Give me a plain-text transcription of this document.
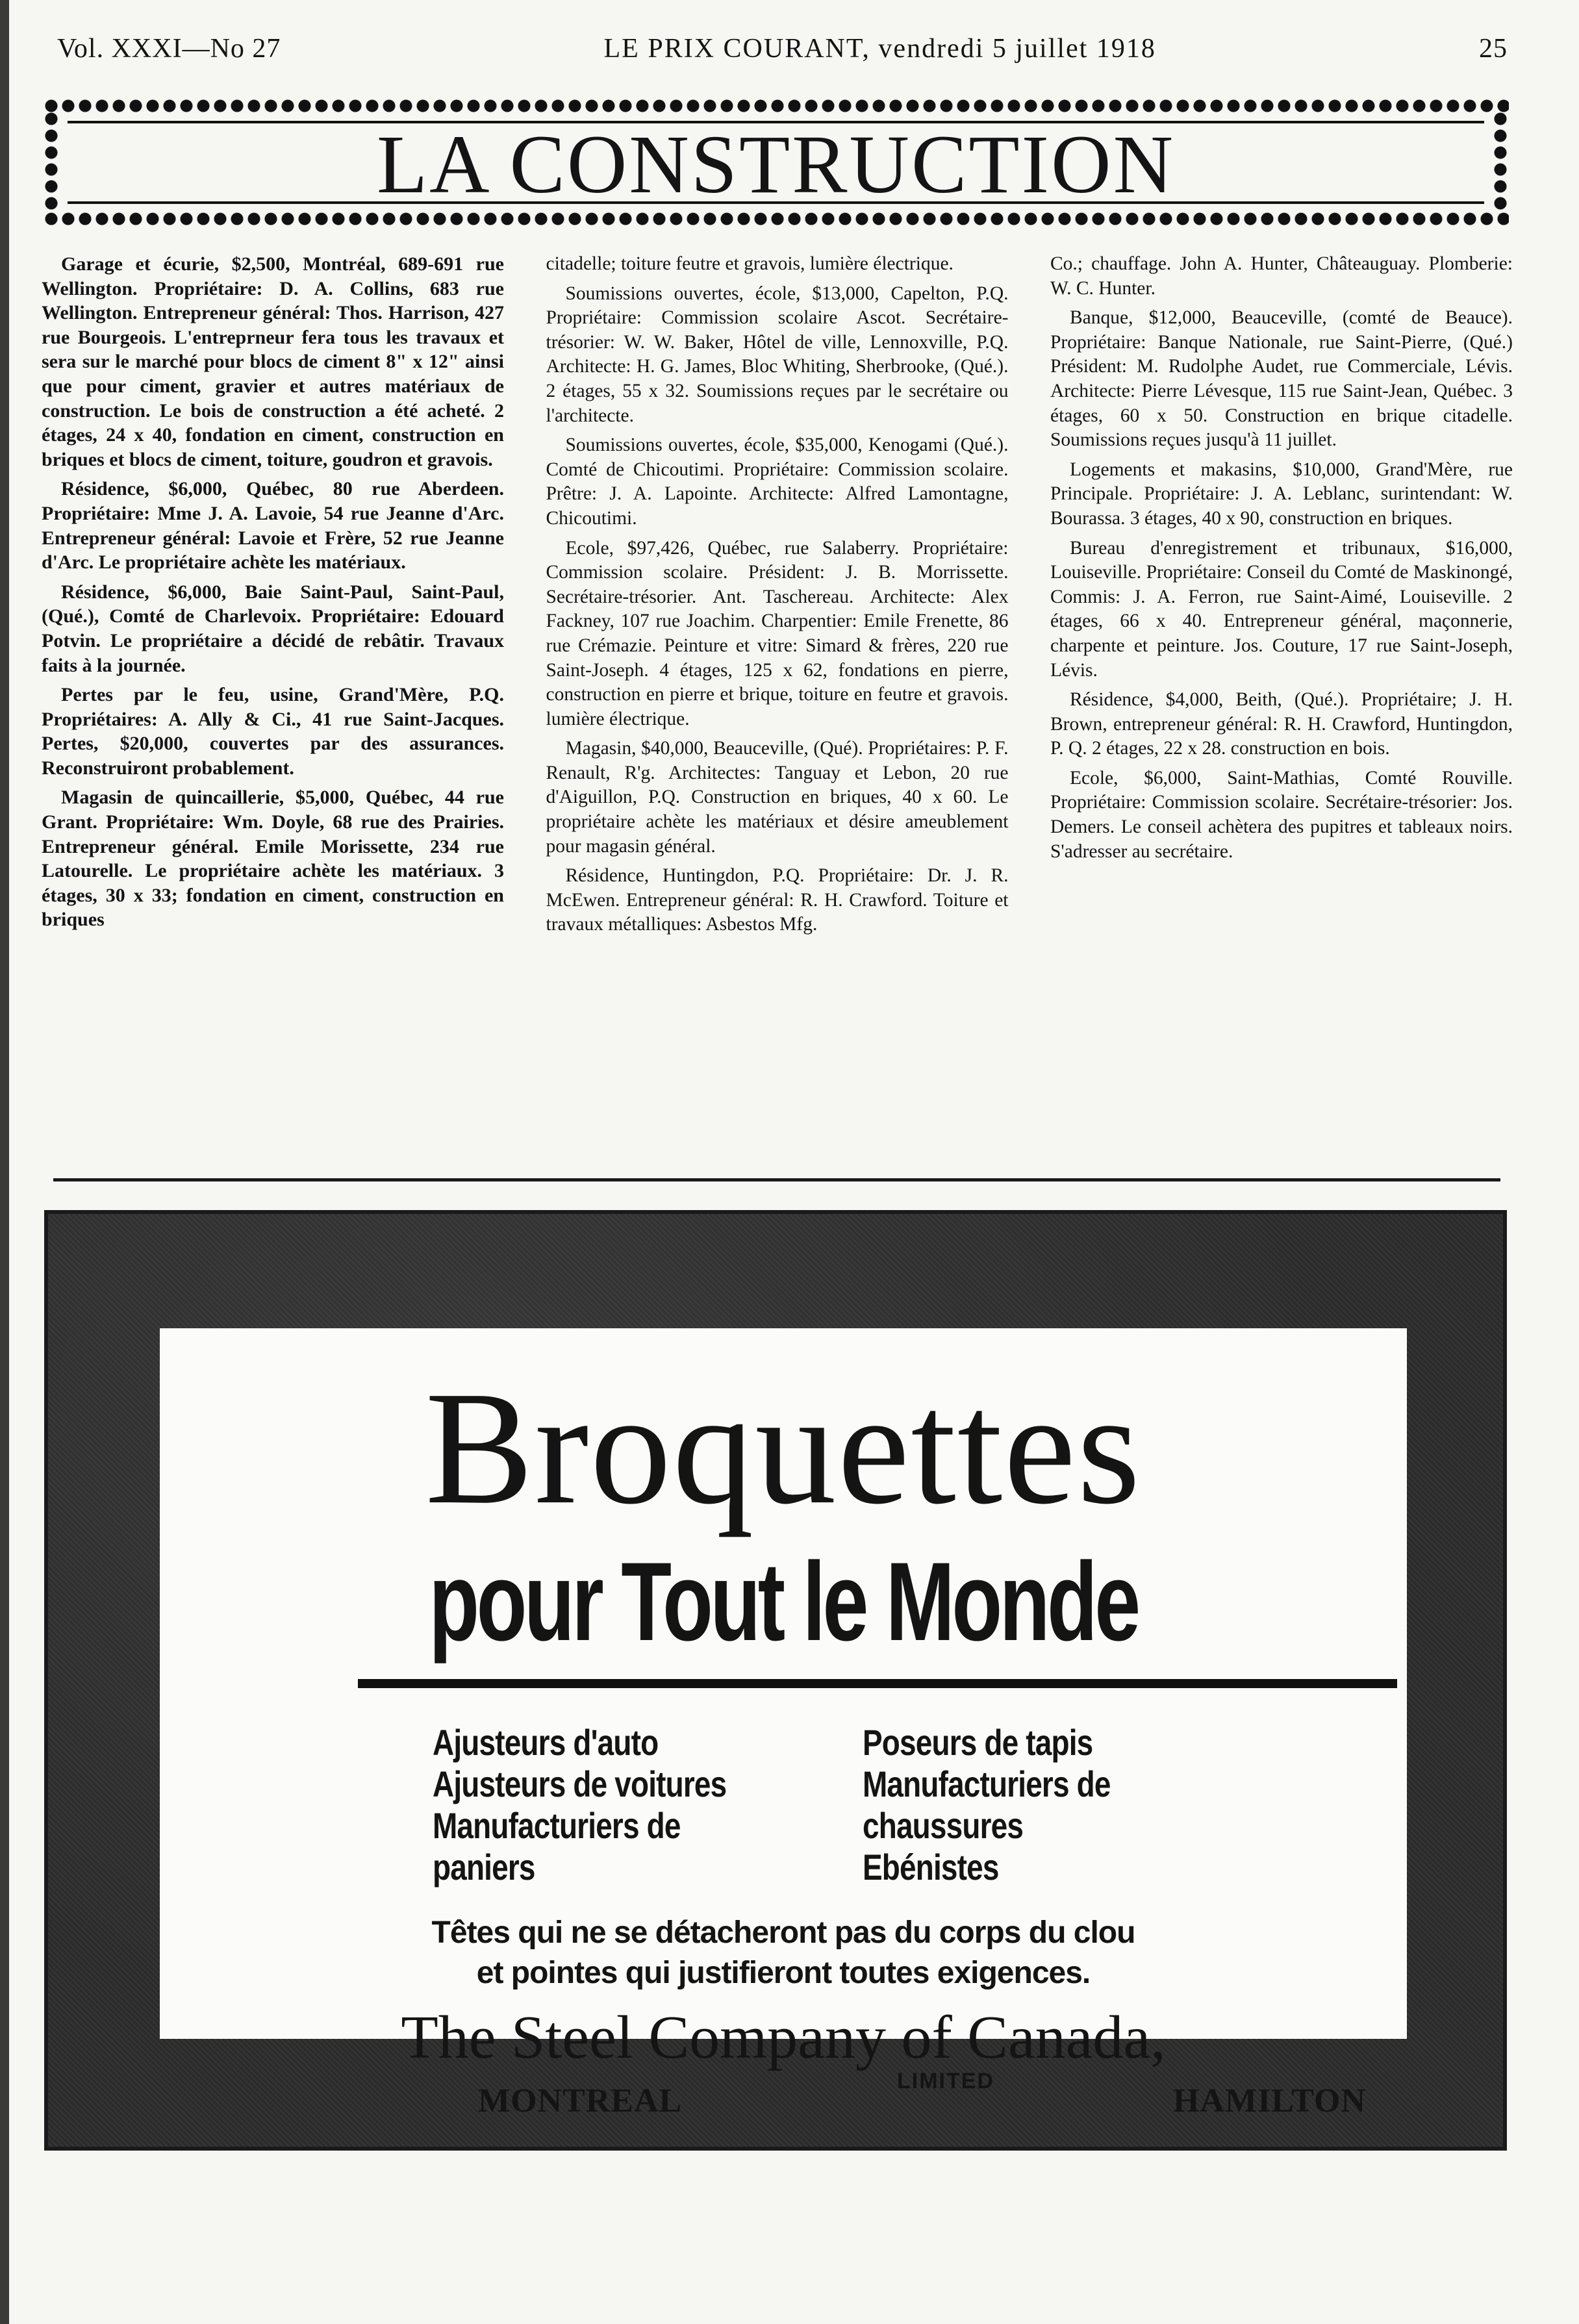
Vol. XXXI—No 27	LE PRIX COURANT, vendredi 5 juillet 1918	25
LA CONSTRUCTION

Garage et écurie, $2,500, Montréal, 689-691 rue Wellington. Propriétaire: D. A. Collins, 683 rue Wellington. Entrepreneur général: Thos. Harrison, 427 rue Bourgeois. L'entreprneur fera tous les travaux et sera sur le marché pour blocs de ciment 8" x 12" ainsi que pour ciment, gravier et autres matériaux de construction. Le bois de construction a été acheté. 2 étages, 24 x 40, fondation en ciment, construction en briques et blocs de ciment, toiture, goudron et gravois.

Résidence, $6,000, Québec, 80 rue Aberdeen. Propriétaire: Mme J. A. Lavoie, 54 rue Jeanne d'Arc. Entrepreneur général: Lavoie et Frère, 52 rue Jeanne d'Arc. Le propriétaire achète les matériaux.

Résidence, $6,000, Baie Saint-Paul, Saint-Paul, (Qué.), Comté de Charlevoix. Propriétaire: Edouard Potvin. Le propriétaire a décidé de rebâtir. Travaux faits à la journée.

Pertes par le feu, usine, Grand'Mère, P.Q. Propriétaires: A. Ally & Ci., 41 rue Saint-Jacques. Pertes, $20,000, couvertes par des assurances. Reconstruiront probablement.

Magasin de quincaillerie, $5,000, Québec, 44 rue Grant. Propriétaire: Wm. Doyle, 68 rue des Prairies. Entrepreneur général. Emile Morissette, 234 rue Latourelle. Le propriétaire achète les matériaux. 3 étages, 30 x 33; fondation en ciment, construction en briques

citadelle; toiture feutre et gravois, lumière électrique.

Soumissions ouvertes, école, $13,000, Capelton, P.Q. Propriétaire: Commission scolaire Ascot. Secrétaire-trésorier: W. W. Baker, Hôtel de ville, Lennoxville, P.Q. Architecte: H. G. James, Bloc Whiting, Sherbrooke, (Qué.). 2 étages, 55 x 32. Soumissions reçues par le secrétaire ou l'architecte.

Soumissions ouvertes, école, $35,000, Kenogami (Qué.). Comté de Chicoutimi. Propriétaire: Commission scolaire. Prêtre: J. A. Lapointe. Architecte: Alfred Lamontagne, Chicoutimi.

Ecole, $97,426, Québec, rue Salaberry. Propriétaire: Commission scolaire. Président: J. B. Morrissette. Secrétaire-trésorier. Ant. Taschereau. Architecte: Alex Fackney, 107 rue Joachim. Charpentier: Emile Frenette, 86 rue Crémazie. Peinture et vitre: Simard & frères, 220 rue Saint-Joseph. 4 étages, 125 x 62, fondations en pierre, construction en pierre et brique, toiture en feutre et gravois. lumière électrique.

Magasin, $40,000, Beauceville, (Qué). Propriétaires: P. F. Renault, R'g. Architectes: Tanguay et Lebon, 20 rue d'Aiguillon, P.Q. Construction en briques, 40 x 60. Le propriétaire achète les matériaux et désire ameublement pour magasin général.

Résidence, Huntingdon, P.Q. Propriétaire: Dr. J. R. McEwen. Entrepreneur général: R. H. Crawford. Toiture et travaux métalliques: Asbestos Mfg.

Co.; chauffage. John A. Hunter, Châteauguay. Plomberie: W. C. Hunter.

Banque, $12,000, Beauceville, (comté de Beauce). Propriétaire: Banque Nationale, rue Saint-Pierre, (Qué.) Président: M. Rudolphe Audet, rue Commerciale, Lévis. Architecte: Pierre Lévesque, 115 rue Saint-Jean, Québec. 3 étages, 60 x 50. Construction en brique citadelle. Soumissions reçues jusqu'à 11 juillet.

Logements et makasins, $10,000, Grand'Mère, rue Principale. Propriétaire: J. A. Leblanc, surintendant: W. Bourassa. 3 étages, 40 x 90, construction en briques.

Bureau d'enregistrement et tribunaux, $16,000, Louiseville. Propriétaire: Conseil du Comté de Maskinongé, Commis: J. A. Ferron, rue Saint-Aimé, Louiseville. 2 étages, 66 x 40. Entrepreneur général, maçonnerie, charpente et peinture. Jos. Couture, 17 rue Saint-Joseph, Lévis.

Résidence, $4,000, Beith, (Qué.). Propriétaire; J. H. Brown, entrepreneur général: R. H. Crawford, Huntingdon, P. Q. 2 étages, 22 x 28. construction en bois.

Ecole, $6,000, Saint-Mathias, Comté Rouville. Propriétaire: Commission scolaire. Secrétaire-trésorier: Jos. Demers. Le conseil achètera des pupitres et tableaux noirs. S'adresser au secrétaire.

Broquettes
pour Tout le Monde
Ajusteurs d'auto
Ajusteurs de voitures
Manufacturiers de
paniers
Poseurs de tapis
Manufacturiers de
chaussures
Ebénistes
Têtes qui ne se détacheront pas du corps du clou
et pointes qui justifieront toutes exigences.
The Steel Company of Canada,
MONTREAL
LIMITED
HAMILTON
